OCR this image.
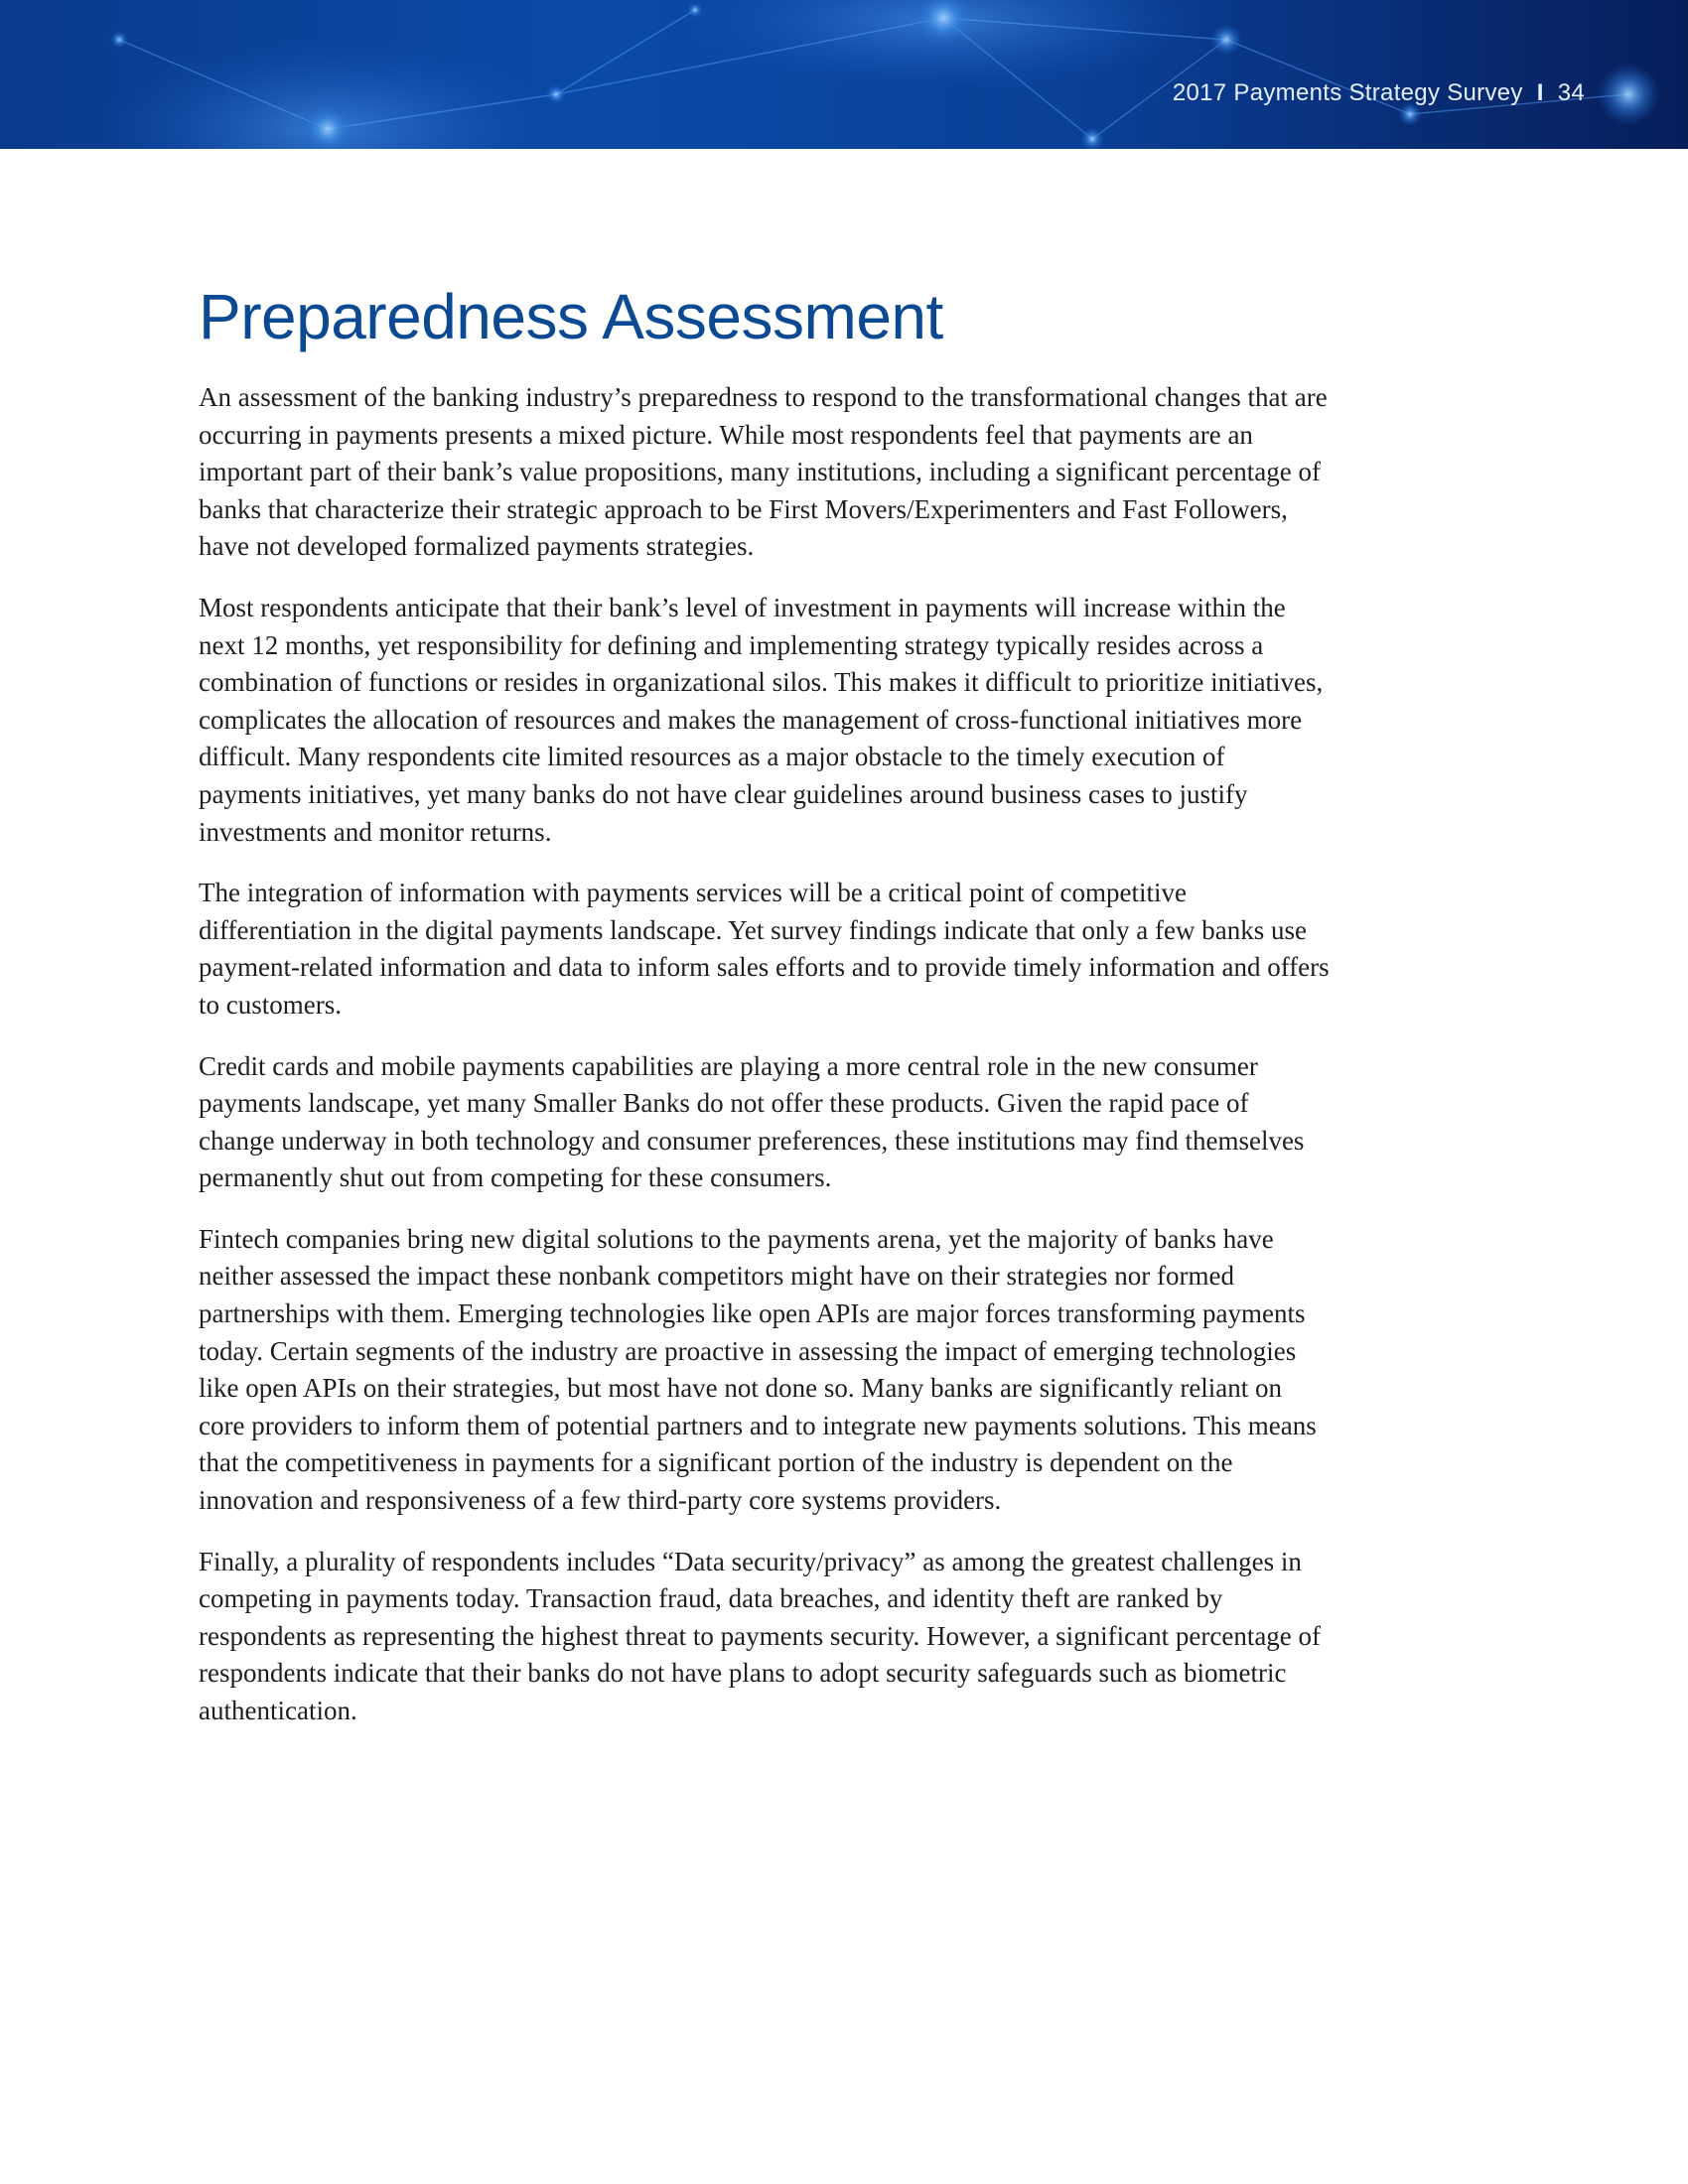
2017 Payments Strategy Survey I 34
Preparedness Assessment

An assessment of the banking industry’s preparedness to respond to the transformational changes that are occurring in payments presents a mixed picture. While most respondents feel that payments are an important part of their bank’s value propositions, many institutions, including a significant percentage of banks that characterize their strategic approach to be First Movers/Experimenters and Fast Followers, have not developed formalized payments strategies.

Most respondents anticipate that their bank’s level of investment in payments will increase within the next 12 months, yet responsibility for defining and implementing strategy typically resides across a combination of functions or resides in organizational silos. This makes it difficult to prioritize initiatives, complicates the allocation of resources and makes the management of cross-functional initiatives more difficult. Many respondents cite limited resources as a major obstacle to the timely execution of payments initiatives, yet many banks do not have clear guidelines around business cases to justify investments and monitor returns.

The integration of information with payments services will be a critical point of competitive differentiation in the digital payments landscape. Yet survey findings indicate that only a few banks use payment-related information and data to inform sales efforts and to provide timely information and offers to customers.

Credit cards and mobile payments capabilities are playing a more central role in the new consumer payments landscape, yet many Smaller Banks do not offer these products. Given the rapid pace of change underway in both technology and consumer preferences, these institutions may find themselves permanently shut out from competing for these consumers.

Fintech companies bring new digital solutions to the payments arena, yet the majority of banks have neither assessed the impact these nonbank competitors might have on their strategies nor formed partnerships with them. Emerging technologies like open APIs are major forces transforming payments today. Certain segments of the industry are proactive in assessing the impact of emerging technologies like open APIs on their strategies, but most have not done so. Many banks are significantly reliant on core providers to inform them of potential partners and to integrate new payments solutions. This means that the competitiveness in payments for a significant portion of the industry is dependent on the innovation and responsiveness of a few third-party core systems providers.

Finally, a plurality of respondents includes “Data security/privacy” as among the greatest challenges in competing in payments today. Transaction fraud, data breaches, and identity theft are ranked by respondents as representing the highest threat to payments security. However, a significant percentage of respondents indicate that their banks do not have plans to adopt security safeguards such as biometric authentication.
